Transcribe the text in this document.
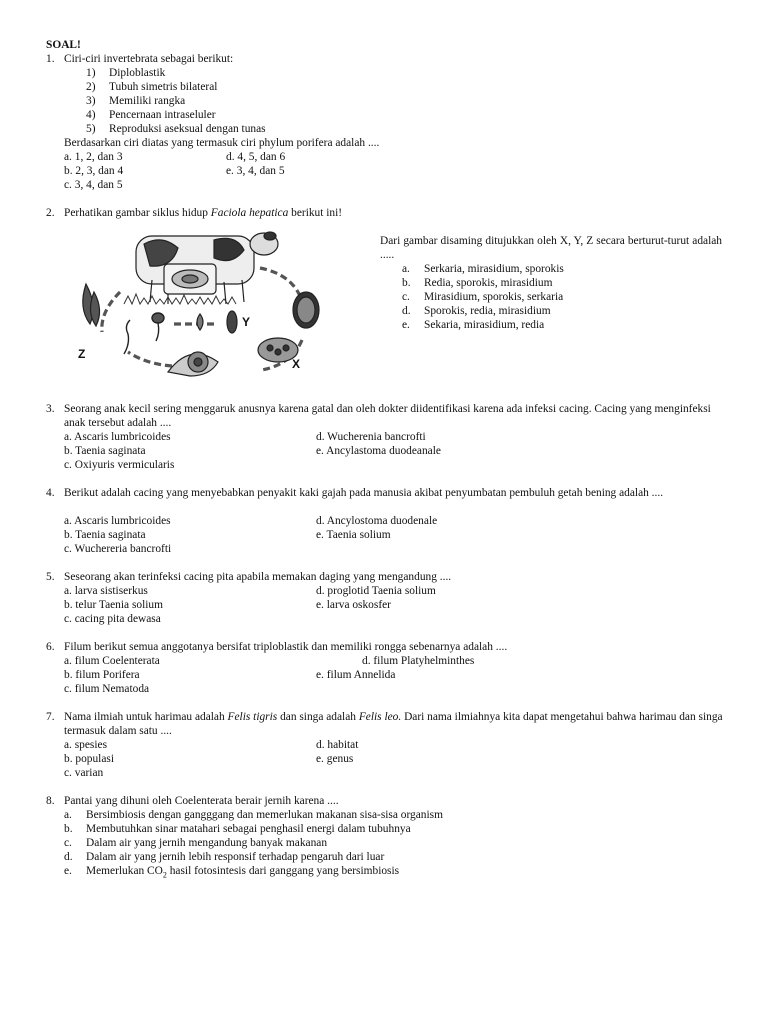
SOAL!
1. Ciri-ciri invertebrata sebagai berikut:
1) Diploblastik
2) Tubuh simetris bilateral
3) Memiliki rangka
4) Pencernaan intraseluler
5) Reproduksi aseksual dengan tunas
Berdasarkan ciri diatas yang termasuk ciri phylum porifera adalah ....
a. 1, 2, dan 3
b. 2, 3, dan 4
c. 3, 4, dan 5
d. 4, 5, dan 6
e. 3, 4, dan 5
2. Perhatikan gambar siklus hidup Faciola hepatica berikut ini!
Z
X
Y
Dari gambar disaming ditujukkan oleh X, Y, Z secara berturut-turut adalah .....
a. Serkaria, mirasidium, sporokis
b. Redia, sporokis, mirasidium
c. Mirasidium, sporokis, serkaria
d. Sporokis, redia, mirasidium
e. Sekaria, mirasidium, redia
3. Seorang anak kecil sering menggaruk anusnya karena gatal dan oleh dokter diidentifikasi karena ada infeksi cacing. Cacing yang menginfeksi anak tersebut adalah ....
a. Ascaris lumbricoides
b. Taenia saginata
c. Oxiyuris vermicularis
d. Wucherenia bancrofti
e. Ancylastoma duodeanale
4. Berikut adalah cacing yang menyebabkan penyakit kaki gajah pada manusia akibat penyumbatan pembuluh getah bening adalah ....
a. Ascaris lumbricoides
b. Taenia saginata
c. Wuchereria bancrofti
d. Ancylostoma duodenale
e. Taenia solium
5. Seseorang akan terinfeksi cacing pita apabila memakan daging yang mengandung ....
a. larva sistiserkus
b. telur Taenia solium
c. cacing pita dewasa
d. proglotid Taenia solium
e. larva oskosfer
6. Filum berikut semua anggotanya bersifat triploblastik dan memiliki rongga sebenarnya adalah ....
a. filum Coelenterata
b. filum Porifera
c. filum Nematoda
d. filum Platyhelminthes
e. filum Annelida
7. Nama ilmiah untuk harimau adalah Felis tigris dan singa adalah Felis leo. Dari nama ilmiahnya kita dapat mengetahui bahwa harimau dan singa termasuk dalam satu ....
a. spesies
b. populasi
c. varian
d. habitat
e. genus
8. Pantai yang dihuni oleh Coelenterata berair jernih karena ....
a. Bersimbiosis dengan gangggang dan memerlukan makanan sisa-sisa organism
b. Membutuhkan sinar matahari sebagai penghasil energi dalam tubuhnya
c. Dalam air yang jernih mengandung banyak makanan
d. Dalam air yang jernih lebih responsif terhadap pengaruh dari luar
e. Memerlukan $CO_2$ hasil fotosintesis dari ganggang yang bersimbiosis
